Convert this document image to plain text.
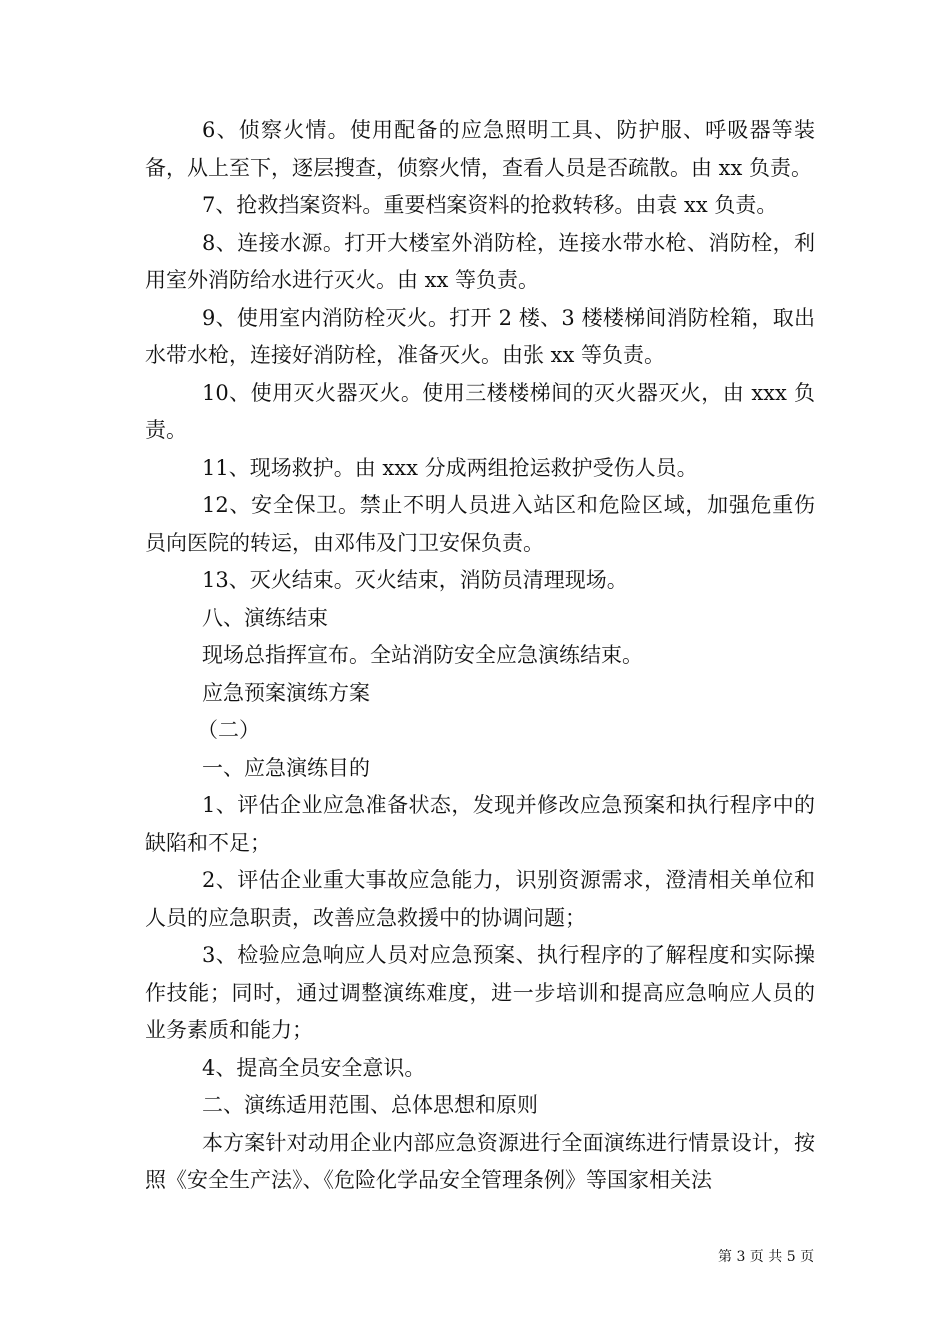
6、侦察火情。使用配备的应急照明工具、防护服、呼吸器等装备，从上至下，逐层搜查，侦察火情，查看人员是否疏散。由 xx 负责。

7、抢救挡案资料。重要档案资料的抢救转移。由袁 xx 负责。

8、连接水源。打开大楼室外消防栓，连接水带水枪、消防栓，利用室外消防给水进行灭火。由 xx 等负责。

9、使用室内消防栓灭火。打开 2 楼、3 楼楼梯间消防栓箱，取出水带水枪，连接好消防栓，准备灭火。由张 xx 等负责。

10、使用灭火器灭火。使用三楼楼梯间的灭火器灭火，由 xxx 负责。

11、现场救护。由 xxx 分成两组抢运救护受伤人员。

12、安全保卫。禁止不明人员进入站区和危险区域，加强危重伤员向医院的转运，由邓伟及门卫安保负责。

13、灭火结束。灭火结束，消防员清理现场。

八、演练结束

现场总指挥宣布。全站消防安全应急演练结束。

应急预案演练方案

（二）

一、应急演练目的

1、评估企业应急准备状态，发现并修改应急预案和执行程序中的缺陷和不足；

2、评估企业重大事故应急能力，识别资源需求，澄清相关单位和人员的应急职责，改善应急救援中的协调问题；

3、检验应急响应人员对应急预案、执行程序的了解程度和实际操作技能；同时，通过调整演练难度，进一步培训和提高应急响应人员的业务素质和能力；

4、提高全员安全意识。

二、演练适用范围、总体思想和原则

本方案针对动用企业内部应急资源进行全面演练进行情景设计，按照《安全生产法》、《危险化学品安全管理条例》等国家相关法

第 3 页 共 5 页
